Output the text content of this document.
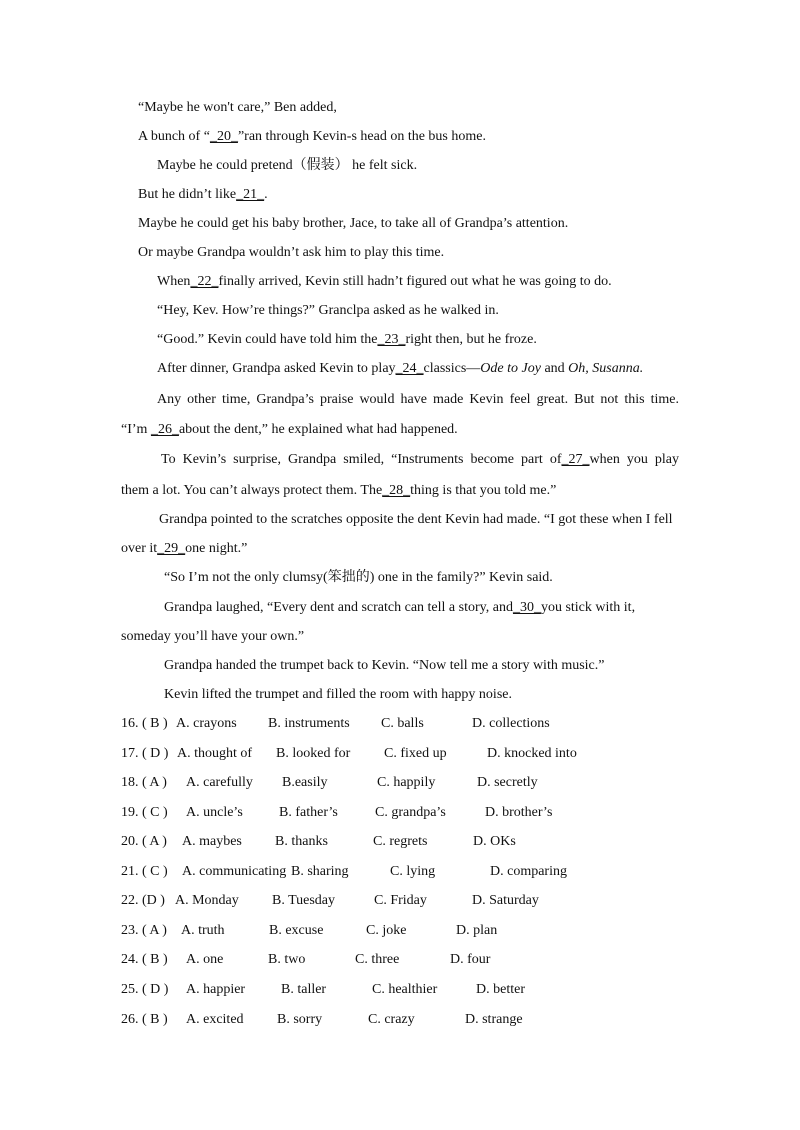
“Maybe he won't care,” Ben added,
A bunch of “_20_”ran through Kevin-s head on the bus home.
Maybe he could pretend（假装） he felt sick.
But he didn’t like_21_.
Maybe he could get his baby brother, Jace, to take all of Grandpa’s attention.
Or maybe Grandpa wouldn’t ask him to play this time.
When_22_finally arrived, Kevin still hadn’t figured out what he was going to do.
“Hey, Kev. How’re things?” Granclpa asked as he walked in.
“Good.” Kevin could have told him the_23_right then, but he froze.
After dinner, Grandpa asked Kevin to play_24_classics—Ode to Joy and Oh, Susanna.
Any other time, Grandpa’s praise would have made Kevin feel great. But not this time.
“I’m _26_about the dent,” he explained what had happened.
To Kevin’s surprise, Grandpa smiled, “Instruments become part of_27_when you play
them a lot. You can’t always protect them. The_28_thing is that you told me.”
Grandpa pointed to the scratches opposite the dent Kevin had made. “I got these when I fell
over it_29_one night.”
“So I’m not the only clumsy(笨拙的) one in the family?” Kevin said.
Grandpa laughed, “Every dent and scratch can tell a story, and_30_you stick with it,
someday you’ll have your own.”
Grandpa handed the trumpet back to Kevin. “Now tell me a story with music.”
Kevin lifted the trumpet and filled the room with happy noise.
16. ( B ) A. crayons B. instruments C. balls	D. collections
17. ( D ) A. thought of B. looked for C. fixed up	D. knocked into
18. ( A ) A. carefully B.easily	C. happily	D. secretly
19. ( C ) A. uncle’s	B. father’s	C. grandpa’s	D. brother’s
20. ( A ) A. maybes B. thanks	C. regrets	D. OKs
21. ( C ) A. communicating B. sharing	C. lying	D. comparing
22. (D ) A. Monday B. Tuesday	C. Friday	D. Saturday
23. ( A ) A. truth	B. excuse	C. joke	D. plan
24. ( B ) A. one	B. two	C. three	D. four
25. ( D ) A. happier	B. taller	C. healthier	D. better
26. ( B ) A. excited B. sorry	C. crazy	D. strange
